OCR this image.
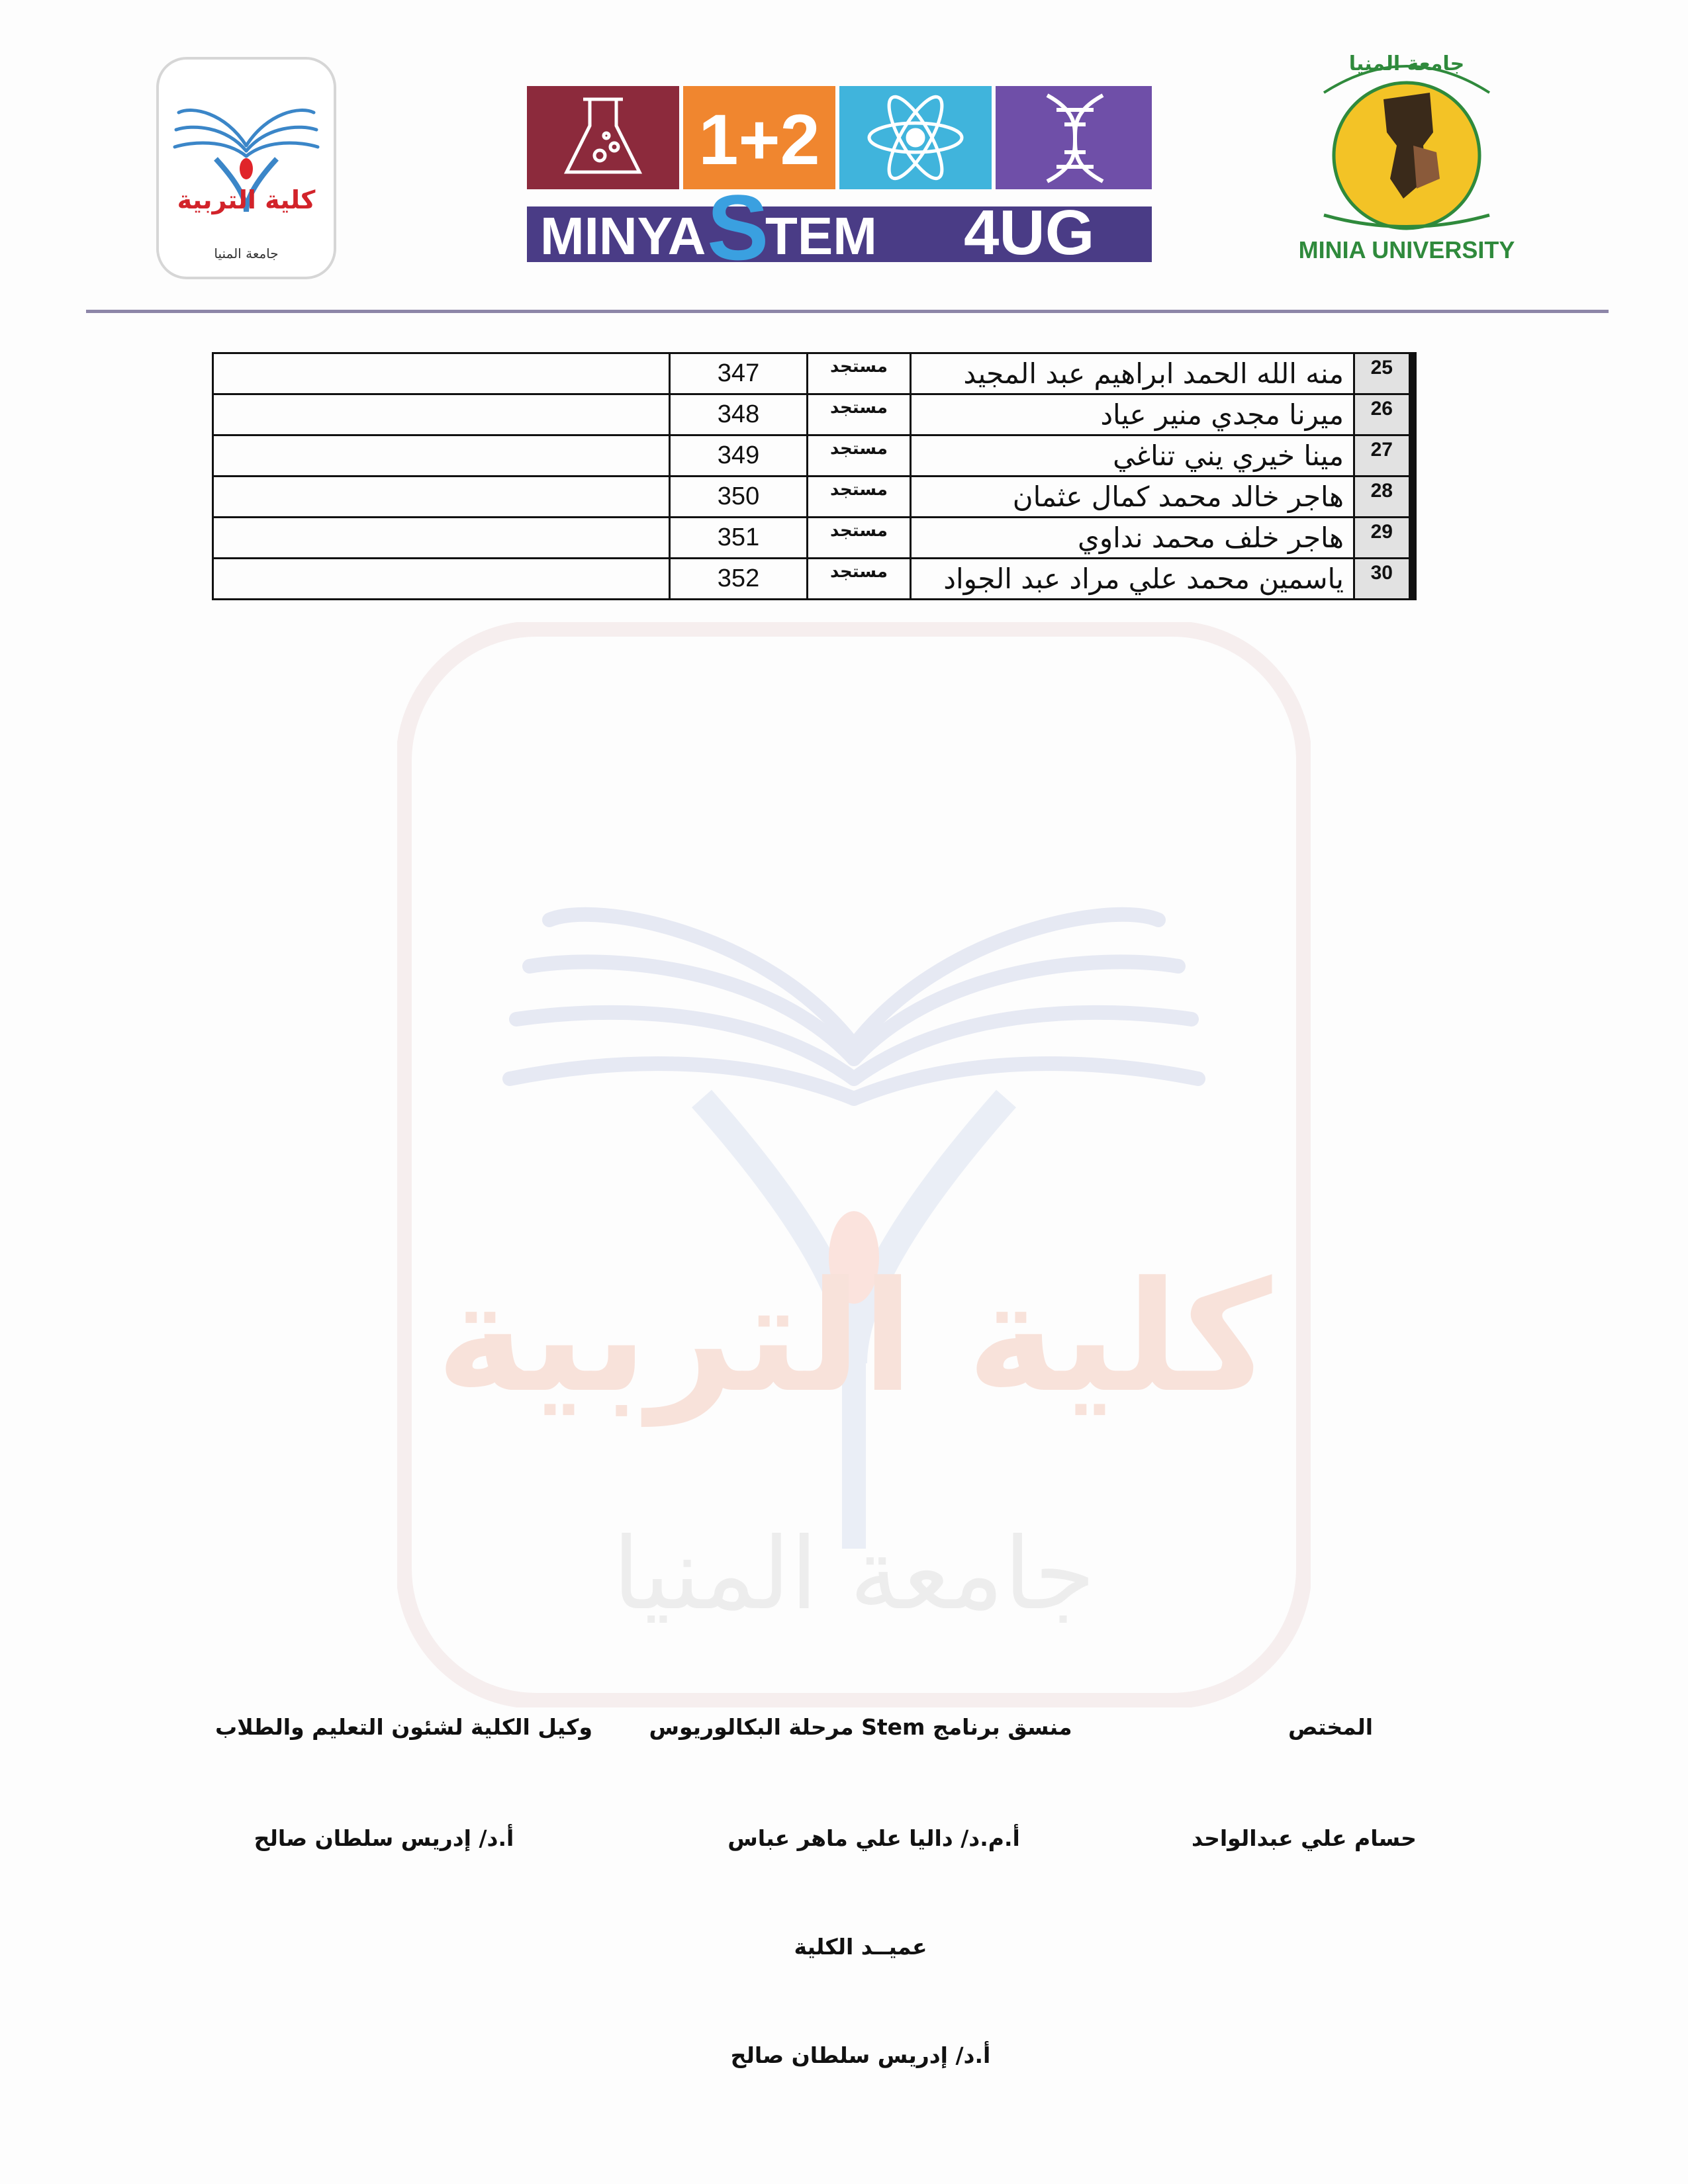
كلية التربية
جامعة المنيا
كلية التربية
جامعة المنيا
1+2
MINYA S
TEM 4UG
جامعة المنيا
MINIA UNIVERSITY
	347	مستجد	منه الله الحمد ابراهيم عبد المجيد	25
	348	مستجد	ميرنا مجدي منير عياد	26
	349	مستجد	مينا خيري يني تناغي	27
	350	مستجد	هاجر خالد محمد كمال عثمان	28
	351	مستجد	هاجر خلف محمد نداوي	29
	352	مستجد	ياسمين محمد علي مراد عبد الجواد	30
المختص
منسق برنامج Stem مرحلة البكالوريوس
وكيل الكلية لشئون التعليم والطلاب
حسام علي عبدالواحد
أ.م.د/ داليا علي ماهر عباس
أ.د/ إدريس سلطان صالح
عميــد الكلية
أ.د/ إدريس سلطان صالح
